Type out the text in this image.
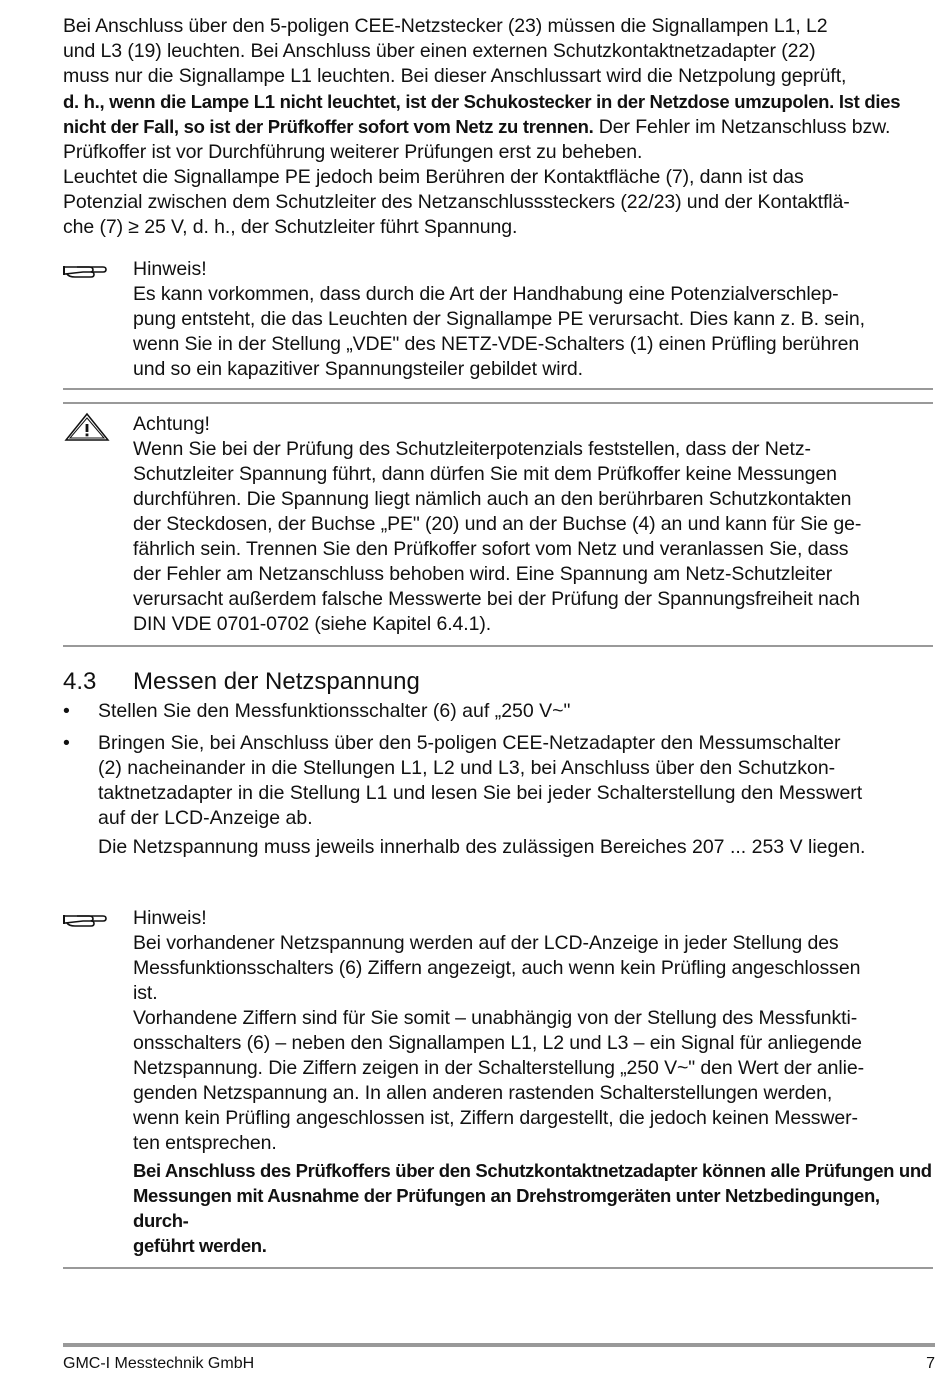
Bei Anschluss über den 5-poligen CEE-Netzstecker (23) müssen die Signallampen L1, L2

und L3 (19) leuchten. Bei Anschluss über einen externen Schutzkontaktnetzadapter (22)

muss nur die Signallampe L1 leuchten. Bei dieser Anschlussart wird die Netzpolung geprüft,

d. h., wenn die Lampe L1 nicht leuchtet, ist der Schukostecker in der Netzdose umzupolen. Ist dies

nicht der Fall, so ist der Prüfkoffer sofort vom Netz zu trennen. Der Fehler im Netzanschluss bzw.

Prüfkoffer ist vor Durchführung weiterer Prüfungen erst zu beheben.

Leuchtet die Signallampe PE jedoch beim Berühren der Kontaktfläche (7), dann ist das

Potenzial zwischen dem Schutzleiter des Netzanschlusssteckers (22/23) und der Kontaktflä-

che (7) ≥ 25 V, d. h., der Schutzleiter führt Spannung.

Hinweis!

Es kann vorkommen, dass durch die Art der Handhabung eine Potenzialverschlep-

pung entsteht, die das Leuchten der Signallampe PE verursacht. Dies kann z. B. sein,

wenn Sie in der Stellung „VDE" des NETZ-VDE-Schalters (1) einen Prüfling berühren

und so ein kapazitiver Spannungsteiler gebildet wird.

Achtung!

Wenn Sie bei der Prüfung des Schutzleiterpotenzials feststellen, dass der Netz-

Schutzleiter Spannung führt, dann dürfen Sie mit dem Prüfkoffer keine Messungen

durchführen. Die Spannung liegt nämlich auch an den berührbaren Schutzkontakten

der Steckdosen, der Buchse „PE" (20) und an der Buchse (4) an und kann für Sie ge-

fährlich sein. Trennen Sie den Prüfkoffer sofort vom Netz und veranlassen Sie, dass

der Fehler am Netzanschluss behoben wird. Eine Spannung am Netz-Schutzleiter

verursacht außerdem falsche Messwerte bei der Prüfung der Spannungsfreiheit nach

DIN VDE 0701-0702 (siehe Kapitel 6.4.1).

4.3 Messen der Netzspannung
• Stellen Sie den Messfunktionsschalter (6) auf „250 V~"
• Bringen Sie, bei Anschluss über den 5-poligen CEE-Netzadapter den Messumschalter
(2) nacheinander in die Stellungen L1, L2 und L3, bei Anschluss über den Schutzkon-
taktnetzadapter in die Stellung L1 und lesen Sie bei jeder Schalterstellung den Messwert
auf der LCD-Anzeige ab.
Die Netzspannung muss jeweils innerhalb des zulässigen Bereiches 207 ... 253 V liegen.

Hinweis!

Bei vorhandener Netzspannung werden auf der LCD-Anzeige in jeder Stellung des

Messfunktionsschalters (6) Ziffern angezeigt, auch wenn kein Prüfling angeschlossen

ist.

Vorhandene Ziffern sind für Sie somit – unabhängig von der Stellung des Messfunkti-

onsschalters (6) – neben den Signallampen L1, L2 und L3 – ein Signal für anliegende

Netzspannung. Die Ziffern zeigen in der Schalterstellung „250 V~" den Wert der anlie-

genden Netzspannung an. In allen anderen rastenden Schalterstellungen werden,

wenn kein Prüfling angeschlossen ist, Ziffern dargestellt, die jedoch keinen Messwer-

ten entsprechen.

Bei Anschluss des Prüfkoffers über den Schutzkontaktnetzadapter können alle Prüfungen und

Messungen mit Ausnahme der Prüfungen an Drehstromgeräten unter Netzbedingungen, durch-

geführt werden.

GMC-I Messtechnik GmbH	7
